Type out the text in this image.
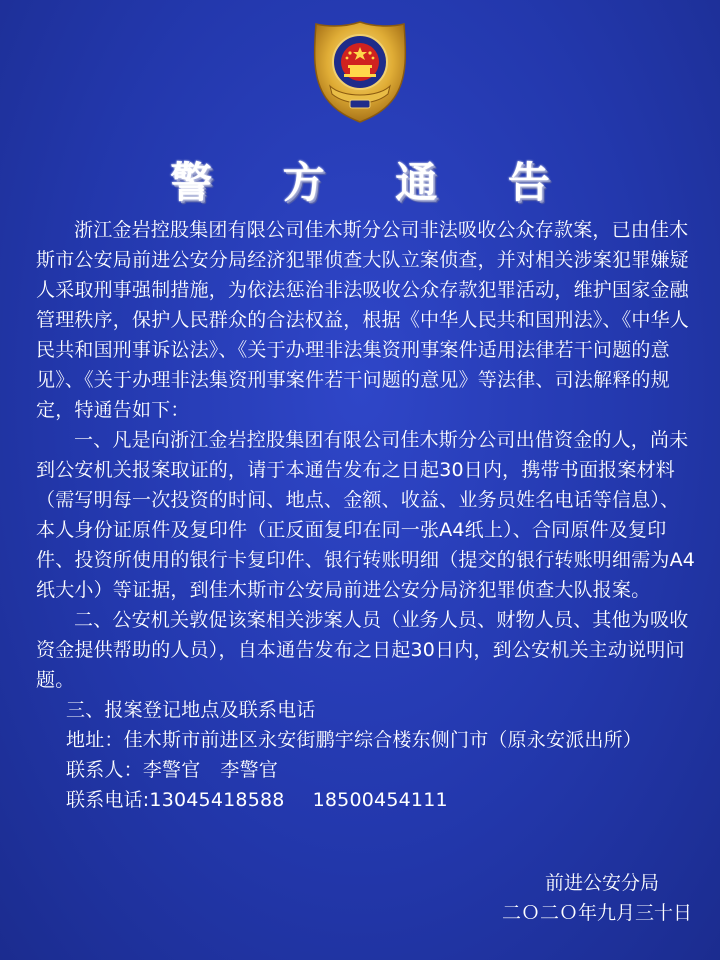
警 方 通 告

浙江金岩控股集团有限公司佳木斯分公司非法吸收公众存款案，已由佳木斯市公安局前进公安分局经济犯罪侦查大队立案侦查，并对相关涉案犯罪嫌疑人采取刑事强制措施，为依法惩治非法吸收公众存款犯罪活动，维护国家金融管理秩序，保护人民群众的合法权益，根据《中华人民共和国刑法》、《中华人民共和国刑事诉讼法》、《关于办理非法集资刑事案件适用法律若干问题的意见》、《关于办理非法集资刑事案件若干问题的意见》等法律、司法解释的规定，特通告如下：

一、凡是向浙江金岩控股集团有限公司佳木斯分公司出借资金的人，尚未到公安机关报案取证的，请于本通告发布之日起30日内，携带书面报案材料（需写明每一次投资的时间、地点、金额、收益、业务员姓名电话等信息）、本人身份证原件及复印件（正反面复印在同一张A4纸上）、合同原件及复印件、投资所使用的银行卡复印件、银行转账明细（提交的银行转账明细需为A4纸大小）等证据，到佳木斯市公安局前进公安分局济犯罪侦查大队报案。

二、公安机关敦促该案相关涉案人员（业务人员、财物人员、其他为吸收资金提供帮助的人员），自本通告发布之日起30日内，到公安机关主动说明问题。

三、报案登记地点及联系电话

地址：佳木斯市前进区永安街鹏宇综合楼东侧门市（原永安派出所）

联系人：李警官 李警官

联系电话:13045418588 18500454111

前进公安分局
二Ｏ二Ｏ年九月三十日
